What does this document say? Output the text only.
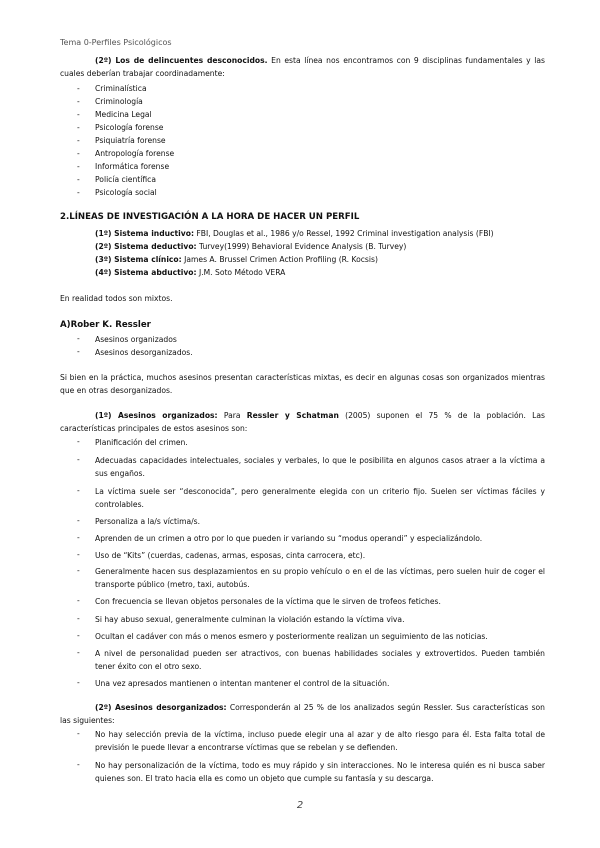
Tema 0-Perfiles Psicológicos
(2º) Los de delincuentes desconocidos. En esta línea nos encontramos con 9 disciplinas fundamentales y las cuales deberían trabajar coordinadamente:
- Criminalística
- Criminología
- Medicina Legal
- Psicología forense
- Psiquiatría forense
- Antropología forense
- Informática forense
- Policía científica
- Psicología social
2.LÍNEAS DE INVESTIGACIÓN A LA HORA DE HACER UN PERFIL
(1º) Sistema inductivo: FBI, Douglas et al., 1986 y/o Ressel, 1992 Criminal investigation analysis (FBI)
(2º) Sistema deductivo: Turvey(1999) Behavioral Evidence Analysis (B. Turvey)
(3º) Sistema clínico: James A. Brussel Crimen Action Profiling (R. Kocsis)
(4º) Sistema abductivo: J.M. Soto Método VERA
En realidad todos son mixtos.
A)Rober K. Ressler
- Asesinos organizados
- Asesinos desorganizados.
Si bien en la práctica, muchos asesinos presentan características mixtas, es decir en algunas cosas son organizados mientras que en otras desorganizados.
(1º) Asesinos organizados: Para Ressler y Schatman (2005) suponen el 75 % de la población. Las características principales de estos asesinos son:
- Planificación del crimen.
- Adecuadas capacidades intelectuales, sociales y verbales, lo que le posibilita en algunos casos atraer a la víctima a sus engaños.
- La víctima suele ser “desconocida”, pero generalmente elegida con un criterio fijo. Suelen ser víctimas fáciles y controlables.
- Personaliza a la/s víctima/s.
- Aprenden de un crimen a otro por lo que pueden ir variando su “modus operandi” y especializándolo.
- Uso de “Kits” (cuerdas, cadenas, armas, esposas, cinta carrocera, etc).
- Generalmente hacen sus desplazamientos en su propio vehículo o en el de las víctimas, pero suelen huir de coger el transporte público (metro, taxi, autobús.
- Con frecuencia se llevan objetos personales de la víctima que le sirven de trofeos fetiches.
- Si hay abuso sexual, generalmente culminan la violación estando la víctima viva.
- Ocultan el cadáver con más o menos esmero y posteriormente realizan un seguimiento de las noticias.
- A nivel de personalidad pueden ser atractivos, con buenas habilidades sociales y extrovertidos. Pueden también tener éxito con el otro sexo.
- Una vez apresados mantienen o intentan mantener el control de la situación.
(2º) Asesinos desorganizados: Corresponderán al 25 % de los analizados según Ressler. Sus características son las siguientes:
- No hay selección previa de la víctima, incluso puede elegir una al azar y de alto riesgo para él. Esta falta total de previsión le puede llevar a encontrarse víctimas que se rebelan y se defienden.
- No hay personalización de la víctima, todo es muy rápido y sin interacciones. No le interesa quién es ni busca saber quienes son. El trato hacia ella es como un objeto que cumple su fantasía y su descarga.
2
